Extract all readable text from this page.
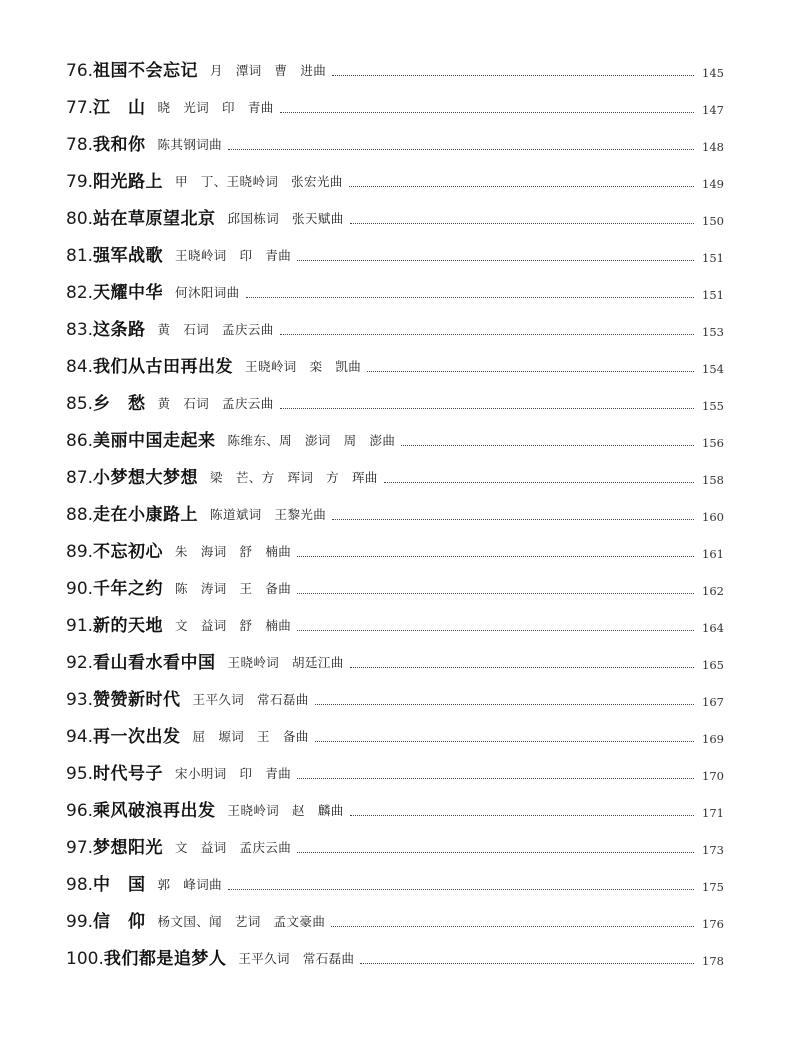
76. 祖国不会忘记 月　潭词　曹　进曲	145
77. 江　山 晓　光词　印　青曲	147
78. 我和你 陈其钢词曲	148
79. 阳光路上 甲　丁、王晓岭词　张宏光曲	149
80. 站在草原望北京 邱国栋词　张天赋曲	150
81. 强军战歌 王晓岭词　印　青曲	151
82. 天耀中华 何沐阳词曲	151
83. 这条路 黄　石词　孟庆云曲	153
84. 我们从古田再出发 王晓岭词　栾　凯曲	154
85. 乡　愁 黄　石词　孟庆云曲	155
86. 美丽中国走起来 陈维东、周　澎词　周　澎曲	156
87. 小梦想大梦想 梁　芒、方　珲词　方　珲曲	158
88. 走在小康路上 陈道斌词　王黎光曲	160
89. 不忘初心 朱　海词　舒　楠曲	161
90. 千年之约 陈　涛词　王　备曲	162
91. 新的天地 文　益词　舒　楠曲	164
92. 看山看水看中国 王晓岭词　胡廷江曲	165
93. 赞赞新时代 王平久词　常石磊曲	167
94. 再一次出发 屈　塬词　王　备曲	169
95. 时代号子 宋小明词　印　青曲	170
96. 乘风破浪再出发 王晓岭词　赵　麟曲	171
97. 梦想阳光 文　益词　孟庆云曲	173
98. 中　国 郭　峰词曲	175
99. 信　仰 杨文国、闻　艺词　孟文豪曲	176
100. 我们都是追梦人 王平久词　常石磊曲	178
